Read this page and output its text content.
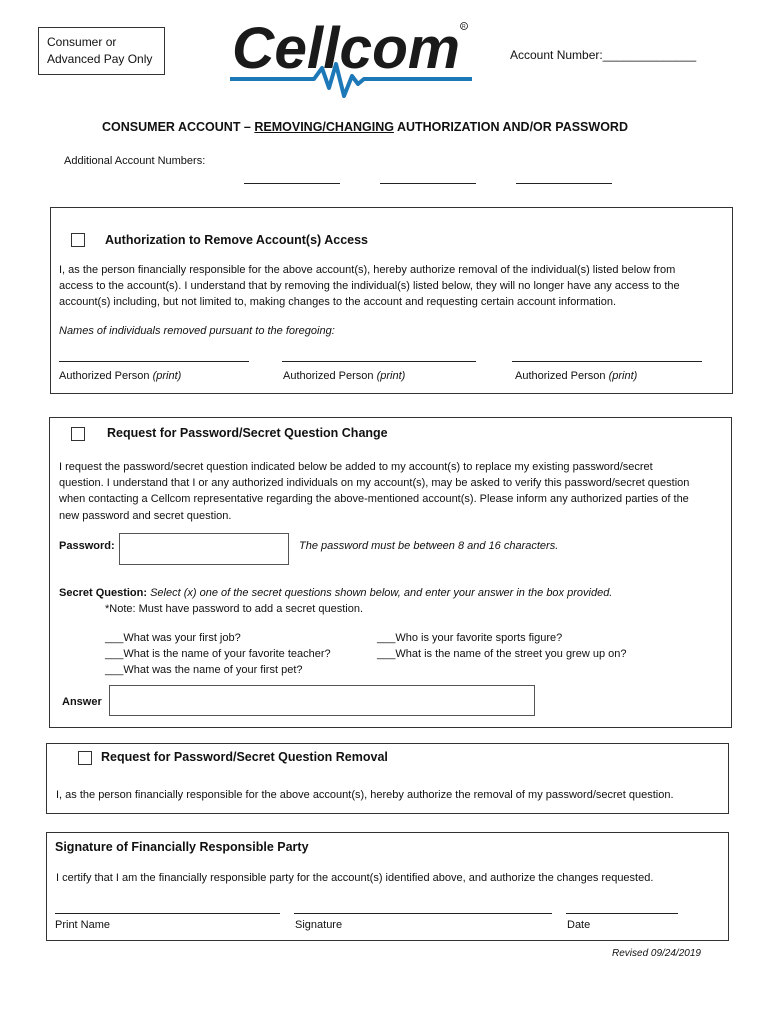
Consumer or
Advanced Pay Only Cellcom R
Account Number:______________
CONSUMER ACCOUNT – REMOVING/CHANGING AUTHORIZATION AND/OR PASSWORD
Additional Account Numbers:
Authorization to Remove Account(s) Access
I, as the person financially responsible for the above account(s), hereby authorize removal of the individual(s) listed below from
access to the account(s). I understand that by removing the individual(s) listed below, they will no longer have any access to the
account(s) including, but not limited to, making changes to the account and requesting certain account information.
Names of individuals removed pursuant to the foregoing:
Authorized Person (print)	Authorized Person (print)	Authorized Person (print)
Request for Password/Secret Question Change
I request the password/secret question indicated below be added to my account(s) to replace my existing password/secret
question. I understand that I or any authorized individuals on my account(s), may be asked to verify this password/secret question
when contacting a Cellcom representative regarding the above-mentioned account(s). Please inform any authorized parties of the
new password and secret question.
Password:	The password must be between 8 and 16 characters.
Secret Question: Select (x) one of the secret questions shown below, and enter your answer in the box provided.
*Note: Must have password to add a secret question.
___What was your first job?
___What is the name of your favorite teacher?
___What was the name of your first pet?
___Who is your favorite sports figure?
___What is the name of the street you grew up on?
Answer
Request for Password/Secret Question Removal
I, as the person financially responsible for the above account(s), hereby authorize the removal of my password/secret question.
Signature of Financially Responsible Party
I certify that I am the financially responsible party for the account(s) identified above, and authorize the changes requested.
Print Name	Signature	Date
Revised 09/24/2019
